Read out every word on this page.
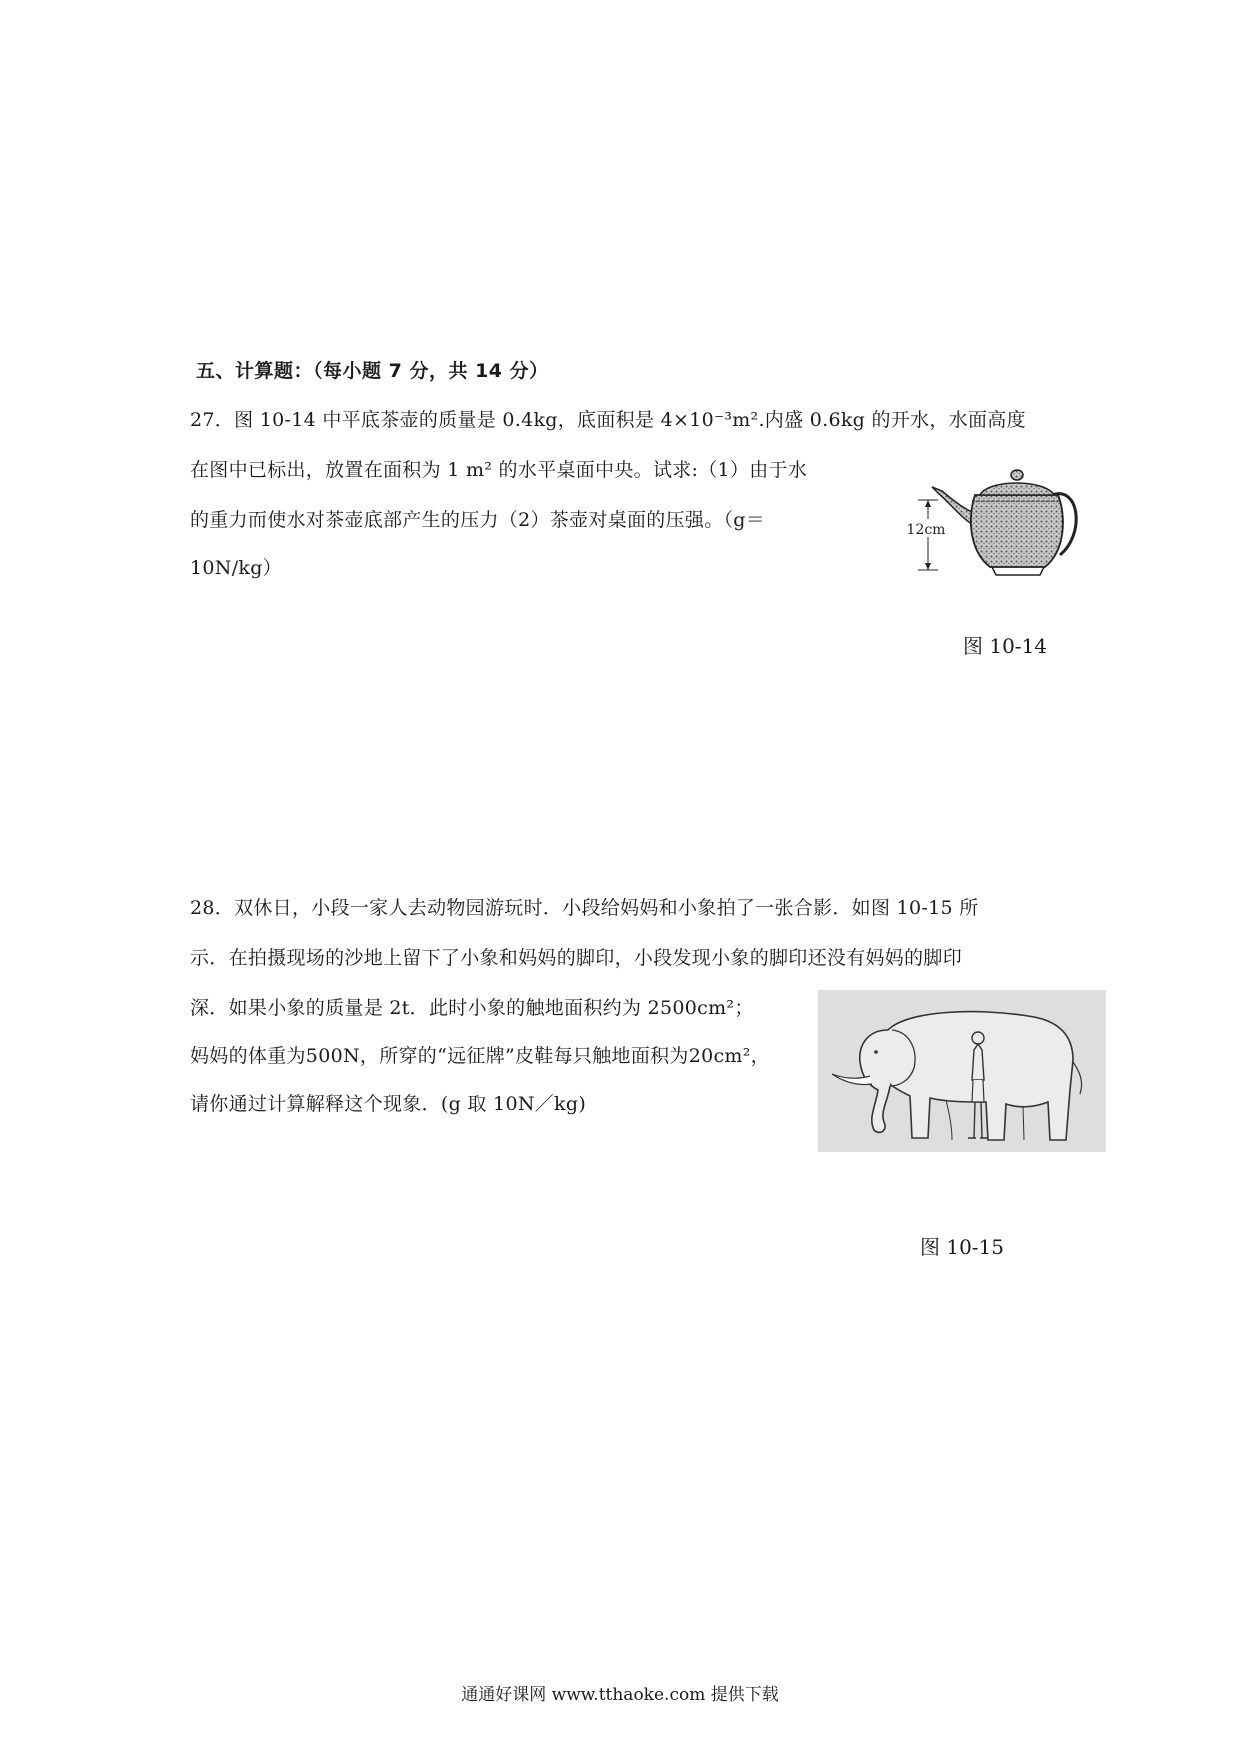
五、计算题：（每小题 7 分，共 14 分）
27．图 10-14 中平底茶壶的质量是 0.4kg，底面积是 4×10⁻³m².内盛 0.6kg 的开水，水面高度
在图中已标出，放置在面积为 1 m² 的水平桌面中央。试求:（1）由于水
的重力而使水对茶壶底部产生的压力（2）茶壶对桌面的压强。（g＝
10N/kg）
12cm
图 10-14
28．双休日，小段一家人去动物园游玩时．小段给妈妈和小象拍了一张合影．如图 10-15 所
示．在拍摄现场的沙地上留下了小象和妈妈的脚印，小段发现小象的脚印还没有妈妈的脚印
深．如果小象的质量是 2t．此时小象的触地面积约为 2500cm²；
妈妈的体重为500N，所穿的“远征牌”皮鞋每只触地面积为20cm²，
请你通过计算解释这个现象．(g 取 10N／kg)
图 10-15
通通好课网 www.tthaoke.com 提供下载
